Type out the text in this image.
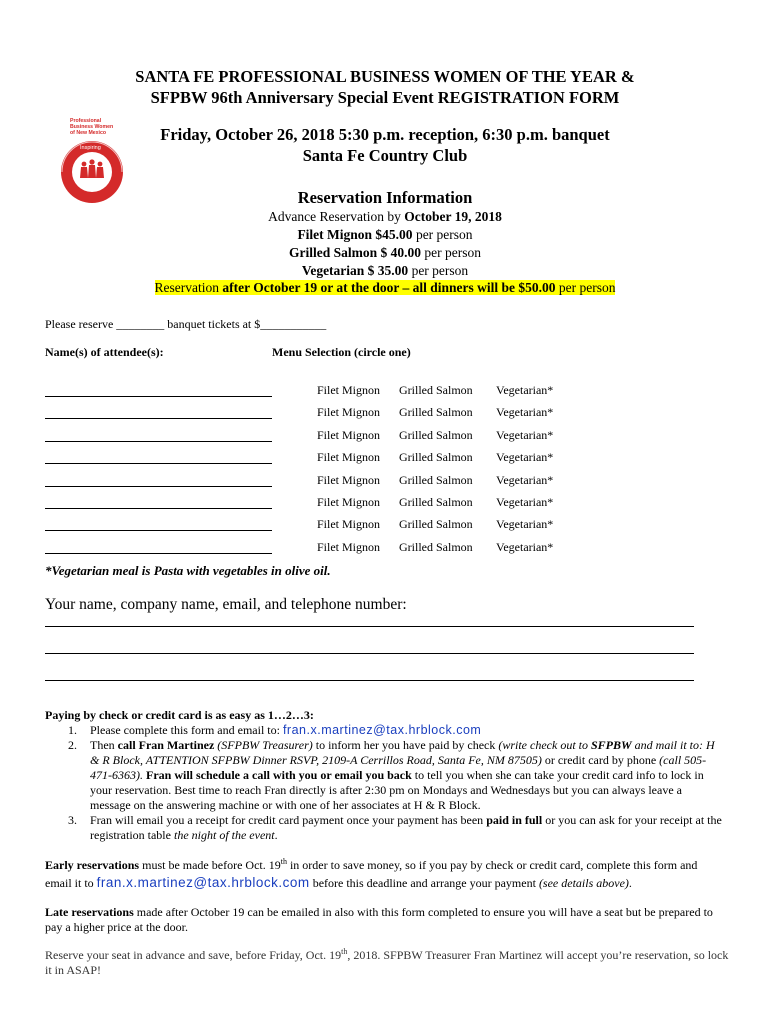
SANTA FE PROFESSIONAL BUSINESS WOMEN OF THE YEAR &
SFPBW 96th Anniversary Special Event REGISTRATION FORM
Professional
Business Women
of New Mexico
Inspiring
Friday, October 26, 2018 5:30 p.m. reception, 6:30 p.m. banquet
Santa Fe Country Club
Reservation Information
Advance Reservation by October 19, 2018
Filet Mignon $45.00 per person
Grilled Salmon $ 40.00 per person
Vegetarian $ 35.00 per person
Reservation after October 19 or at the door – all dinners will be $50.00 per person
Please reserve ________ banquet tickets at $___________
Name(s) of attendee(s):	Menu Selection (circle one)
Filet Mignon Grilled Salmon Vegetarian*
Filet Mignon Grilled Salmon Vegetarian*
Filet Mignon Grilled Salmon Vegetarian*
Filet Mignon Grilled Salmon Vegetarian*
Filet Mignon Grilled Salmon Vegetarian*
Filet Mignon Grilled Salmon Vegetarian*
Filet Mignon Grilled Salmon Vegetarian*
Filet Mignon Grilled Salmon Vegetarian*
*Vegetarian meal is Pasta with vegetables in olive oil.
Your name, company name, email, and telephone number:
Paying by check or credit card is as easy as 1…2…3:
1. Please complete this form and email to: fran.x.martinez@tax.hrblock.com
2. Then call Fran Martinez (SFPBW Treasurer) to inform her you have paid by check (write check out to SFPBW and mail it to: H & R Block, ATTENTION SFPBW Dinner RSVP, 2109-A Cerrillos Road, Santa Fe, NM 87505) or credit card by phone (call 505-471-6363). Fran will schedule a call with you or email you back to tell you when she can take your credit card info to lock in your reservation. Best time to reach Fran directly is after 2:30 pm on Mondays and Wednesdays but you can always leave a message on the answering machine or with one of her associates at H & R Block.
3. Fran will email you a receipt for credit card payment once your payment has been paid in full or you can ask for your receipt at the registration table the night of the event.
Early reservations must be made before Oct. 19th in order to save money, so if you pay by check or credit card, complete this form and email it to fran.x.martinez@tax.hrblock.com before this deadline and arrange your payment (see details above).
Late reservations made after October 19 can be emailed in also with this form completed to ensure you will have a seat but be prepared to pay a higher price at the door.
Reserve your seat in advance and save, before Friday, Oct. 19th, 2018. SFPBW Treasurer Fran Martinez will accept you’re reservation, so lock it in ASAP!
